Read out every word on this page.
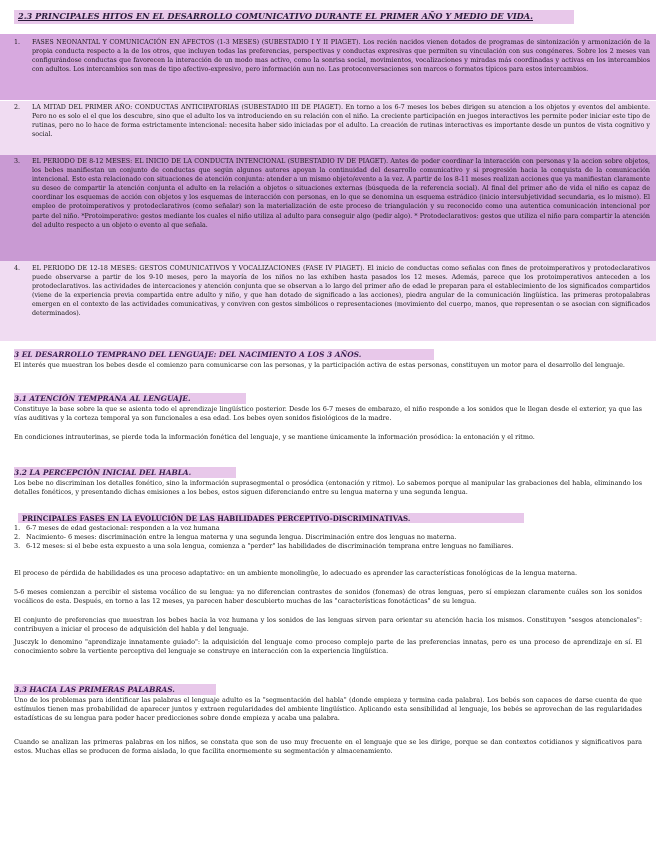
2.3 PRINCIPALES HITOS EN EL DESARROLLO COMUNICATIVO DURANTE EL PRIMER AÑO Y MEDIO DE VIDA.
1.	FASES NEONANTAL Y COMUNICACIÓN EN AFECTOS (1-3 MESES) (SUBESTADIO I Y II PIAGET). Los recién nacidos vienen dotados de programas de sintonización y armonización de la propia conducta respecto a la de los otros, que incluyen todas las preferencias, perspectivas y conductas expresivas que permiten su vinculación con sus congéneres. Sobre los 2 meses van configurándose conductas que favorecen la interacción de un modo mas activo, como la sonrisa social, movimientos, vocalizaciones y miradas más coordinadas y activas en los intercambios con adultos. Los intercambios son mas de tipo afectivo-expresivo, pero información aun no. Las protoconversaciones son marcos o formatos típicos para estos intercambios.
2.	LA MITAD DEL PRIMER AÑO: CONDUCTAS ANTICIPATORIAS (SUBESTADIO III DE PIAGET). En torno a los 6-7 meses los bebes dirigen su atencion a los objetos y eventos del ambiente. Pero no es solo el el que los descubre, sino que el adulto los va introduciendo en su relación con el niño. La creciente participación en juegos interactivos les permite poder iniciar este tipo de rutinas, pero no lo hace de forma estrictamente intencional: necesita haber sido iniciadas por el adulto. La creación de rutinas interactivas es importante desde un puntos de vista cognitivo y social.
3.	EL PERIODO DE 8-12 MESES: EL INICIO DE LA CONDUCTA INTENCIONAL (SUBESTADIO IV DE PIAGET). Antes de poder coordinar la interacción con personas y la accion sobre objetos, los bebes manifiestan un conjunto de conductas que según algunos autores apoyan la continuidad del desarrollo comunicativo y si progresión hacia la conquista de la comunicación intencional. Esto esta relacionado con situaciones de atención conjunta: atender a un mismo objeto/evento a la vez. A partir de los 8-11 meses realizan acciones que ya manifiestan claramente su deseo de compartir la atención conjunta el adulto en la relación a objetos o situaciones externas (búsqueda de la referencia social). Al final del primer año de vida el niño es capaz de coordinar los esquemas de acción con objetos y los esquemas de interacción con personas, en lo que se denomina un esquema estrádico (inicio intersubjetividad secundaria, es lo mismo). El empleo de protoimperativos y protodeclarativos (como señalar) son la materialización de este proceso de triangulación y su reconocido como una autentica comunicación intencional por parte del niño. *Protoimperativo: gestos mediante los cuales el niño utiliza al adulto para conseguir algo (pedir algo). * Protodeclarativos: gestos que utiliza el niño para compartir la atención del adulto respecto a un objeto o evento al que señala.
4.	EL PERIODO DE 12-18 MESES: GESTOS COMUNICATIVOS Y VOCALIZACIONES (FASE IV PIAGET). El inicio de conductas como señalas con fines de protoimperativos y protodeclarativos puede observarse a partir de los 9-10 meses, pero la mayoría de los niños no las exhiben hasta pasados los 12 meses. Además, parece que los protoimperativos anteceden a los protodeclarativos. las actividades de intercaciones y atención conjunta que se observan a lo largo del primer año de edad le preparan para el establecimiento de los significados compartidos (viene de la experiencia previa compartida entre adulto y niño, y que han dotado de significado a las acciones), piedra angular de la comunicación lingüística. las primeras protopalabras emergen en el contexto de las actividades comunicativas, y conviven con gestos simbólicos o representaciones (movimiento del cuerpo, manos, que representan o se asocian con significados determinados).
3 EL DESARROLLO TEMPRANO DEL LENGUAJE: DEL NACIMIENTO A LOS 3 AÑOS.
El interés que muestran los bebes desde el comienzo para comunicarse con las personas, y la participación activa de estas personas, constituyen un motor para el desarrollo del lenguaje.
3.1 ATENCIÓN TEMPRANA AL LENGUAJE.
Constituye la base sobre la que se asienta todo el aprendizaje lingüístico posterior. Desde los 6-7 meses de embarazo, el niño responde a los sonidos que le llegan desde el exterior, ya que las vías auditivas y la corteza temporal ya son funcionales a esa edad. Los bebes oyen sonidos fisiológicos de la madre.
En condiciones intrauterinas, se pierde toda la información fonética del lenguaje, y se mantiene únicamente la información prosódica: la entonación y el ritmo.
3.2 LA PERCEPCIÓN INICIAL DEL HABLA.
Los bebe no discriminan los detalles fonético, sino la información suprasegmental o prosódica (entonación y ritmo). Lo sabemos porque al manipular las grabaciones del habla, eliminando los detalles fonéticos, y presentando dichas emisiones a los bebes, estos siguen diferenciando entre su lengua materna y una segunda lengua.
PRINCIPALES FASES EN LA EVOLUCIÓN DE LAS HABILIDADES PERCEPTIVO-DISCRIMINATIVAS.
1. 6-7 meses de edad gestacional: responden a la voz humana
2. Nacimiento- 6 meses: discriminación entre la lengua materna y una segunda lengua. Discriminación entre dos lenguas no materna.
3. 6-12 meses: si el bebe esta expuesto a una sola lengua, comienza a "perder" las habilidades de discriminación temprana entre lenguas no familiares.
El proceso de pérdida de habilidades es una proceso adaptativo: en un ambiente monolingüe, lo adecuado es aprender las características fonológicas de la lengua materna.
5-6 meses comienzan a percibir el sistema vocálico de su lengua: ya no diferencian contrastes de sonidos (fonemas) de otras lenguas, pero sí empiezan claramente cuáles son los sonidos vocálicos de esta. Después, en torno a las 12 meses, ya parecen haber descubierto muchas de las "características fonotácticas" de su lengua.
El conjunto de preferencias que muestran los bebes hacia la voz humana y los sonidos de las lenguas sirven para orientar su atención hacia los mismos. Constituyen "sesgos atencionales": contribuyen a iniciar el proceso de adquisición del habla y del lenguaje.
Jusczyk lo denomino "aprendizaje innatamente guiado": la adquisición del lenguaje como proceso complejo parte de las preferencias innatas, pero es una proceso de aprendizaje en sí. El conocimiento sobre la vertiente perceptiva del lenguaje se construye en interacción con la experiencia lingüística.
3.3 HACIA LAS PRIMERAS PALABRAS.
Uno de los problemas para identificar las palabras el lenguaje adulto es la "segmentación del habla" (donde empieza y termina cada palabra). Los bebés son capaces de darse cuenta de que estímulos tienen mas probabilidad de aparecer juntos y extraen regularidades del ambiente lingüístico. Aplicando esta sensibilidad al lenguaje, los bebés se aprovechan de las regularidades estadísticas de su lengua para poder hacer predicciones sobre donde empieza y acaba una palabra.
Cuando se analizan las primeras palabras en los niños, se constata que son de uso muy frecuente en el lenguaje que se les dirige, porque se dan contextos cotidianos y significativos para estos. Muchas ellas se producen de forma aislada, lo que facilita enormemente su segmentación y almacenamiento.
